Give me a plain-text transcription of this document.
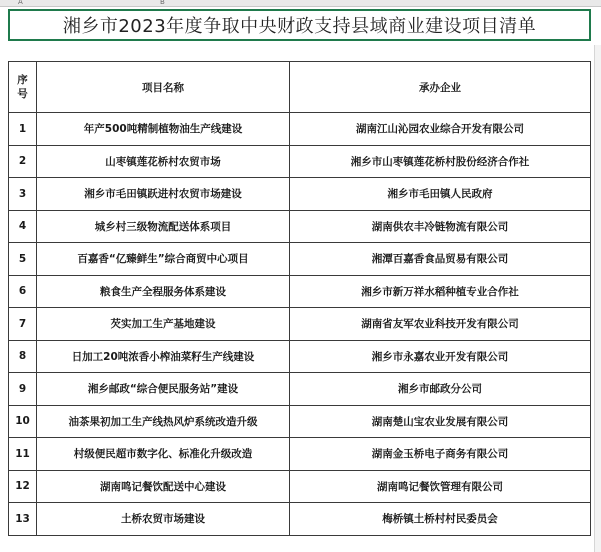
A	B
湘乡市2023年度争取中央财政支持县域商业建设项目清单
序
号	项目名称	承办企业
1	年产500吨精制植物油生产线建设	湖南江山沁园农业综合开发有限公司
2	山枣镇莲花桥村农贸市场	湘乡市山枣镇莲花桥村股份经济合作社
3	湘乡市毛田镇跃进村农贸市场建设	湘乡市毛田镇人民政府
4	城乡村三级物流配送体系项目	湖南供农丰冷链物流有限公司
5	百嘉香“亿臻鲜生”综合商贸中心项目	湘潭百嘉香食品贸易有限公司
6	粮食生产全程服务体系建设	湘乡市新万祥水稻种植专业合作社
7	芡实加工生产基地建设	湖南省友军农业科技开发有限公司
8	日加工20吨浓香小榨油菜籽生产线建设	湘乡市永嘉农业开发有限公司
9	湘乡邮政“综合便民服务站”建设	湘乡市邮政分公司
10	油茶果初加工生产线热风炉系统改造升级	湖南楚山宝农业发展有限公司
11	村级便民超市数字化、标准化升级改造	湖南金玉桥电子商务有限公司
12	湖南鸣记餐饮配送中心建设	湖南鸣记餐饮管理有限公司
13	土桥农贸市场建设	梅桥镇土桥村村民委员会
